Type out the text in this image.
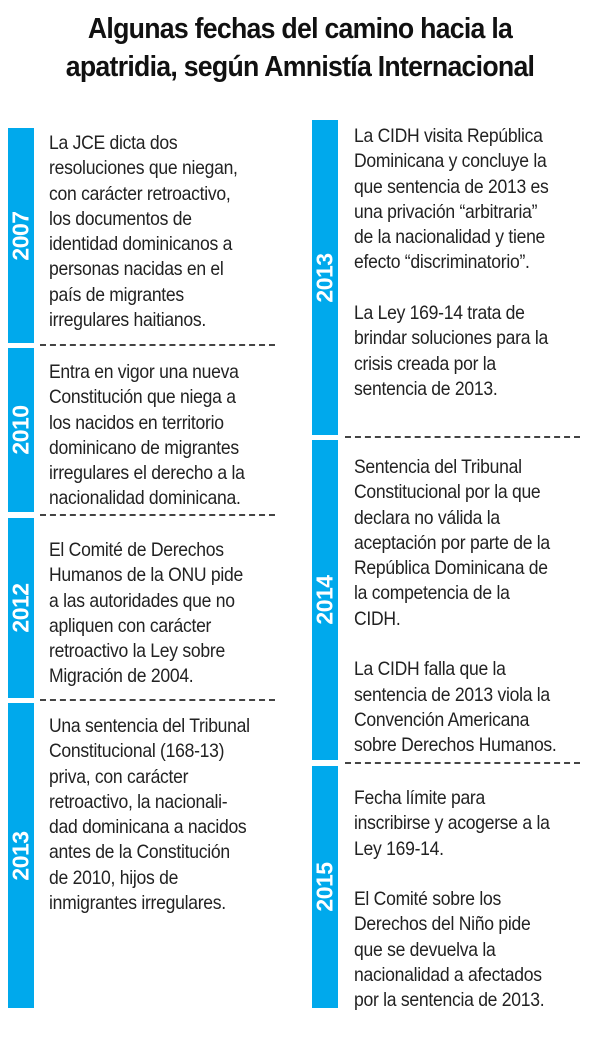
Algunas fechas del camino hacia la
apatridia, según Amnistía Internacional
2007

La JCE dicta dos
resoluciones que niegan,
con carácter retroactivo,
los documentos de
identidad dominicanos a
personas nacidas en el
país de migrantes
irregulares haitianos.

2010

Entra en vigor una nueva
Constitución que niega a
los nacidos en territorio
dominicano de migrantes
irregulares el derecho a la
nacionalidad dominicana.

2012

El Comité de Derechos
Humanos de la ONU pide
a las autoridades que no
apliquen con carácter
retroactivo la Ley sobre
Migración de 2004.

2013

Una sentencia del Tribunal
Constitucional (168-13)
priva, con carácter
retroactivo, la nacionali-
dad dominicana a nacidos
antes de la Constitución
de 2010, hijos de
inmigrantes irregulares.

2013

La CIDH visita República
Dominicana y concluye la
que sentencia de 2013 es
una privación “arbitraria”
de la nacionalidad y tiene
efecto “discriminatorio”.

La Ley 169-14 trata de
brindar soluciones para la
crisis creada por la
sentencia de 2013.

2014

Sentencia del Tribunal
Constitucional por la que
declara no válida la
aceptación por parte de la
República Dominicana de
la competencia de la
CIDH.

La CIDH falla que la
sentencia de 2013 viola la
Convención Americana
sobre Derechos Humanos.

2015

Fecha límite para
inscribirse y acogerse a la
Ley 169-14.

El Comité sobre los
Derechos del Niño pide
que se devuelva la
nacionalidad a afectados
por la sentencia de 2013.
